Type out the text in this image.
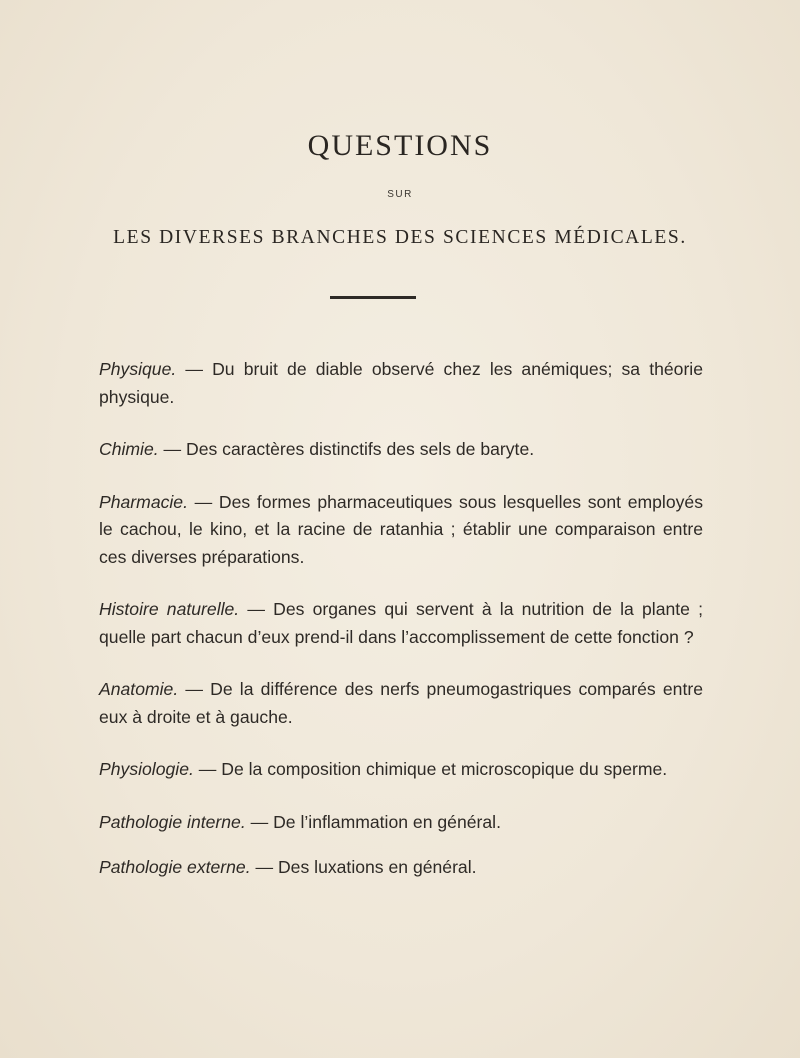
QUESTIONS
SUR
LES DIVERSES BRANCHES DES SCIENCES MÉDICALES.

Physique. — Du bruit de diable observé chez les anémiques; sa théorie physique.

Chimie. — Des caractères distinctifs des sels de baryte.

Pharmacie. — Des formes pharmaceutiques sous lesquelles sont employés le cachou, le kino, et la racine de ratanhia ; établir une comparaison entre ces diverses préparations.

Histoire naturelle. — Des organes qui servent à la nutrition de la plante ; quelle part chacun d’eux prend-il dans l’accomplissement de cette fonction ?

Anatomie. — De la différence des nerfs pneumogastriques comparés entre eux à droite et à gauche.

Physiologie. — De la composition chimique et microscopique du sperme.

Pathologie interne. — De l’inflammation en général.

Pathologie externe. — Des luxations en général.
